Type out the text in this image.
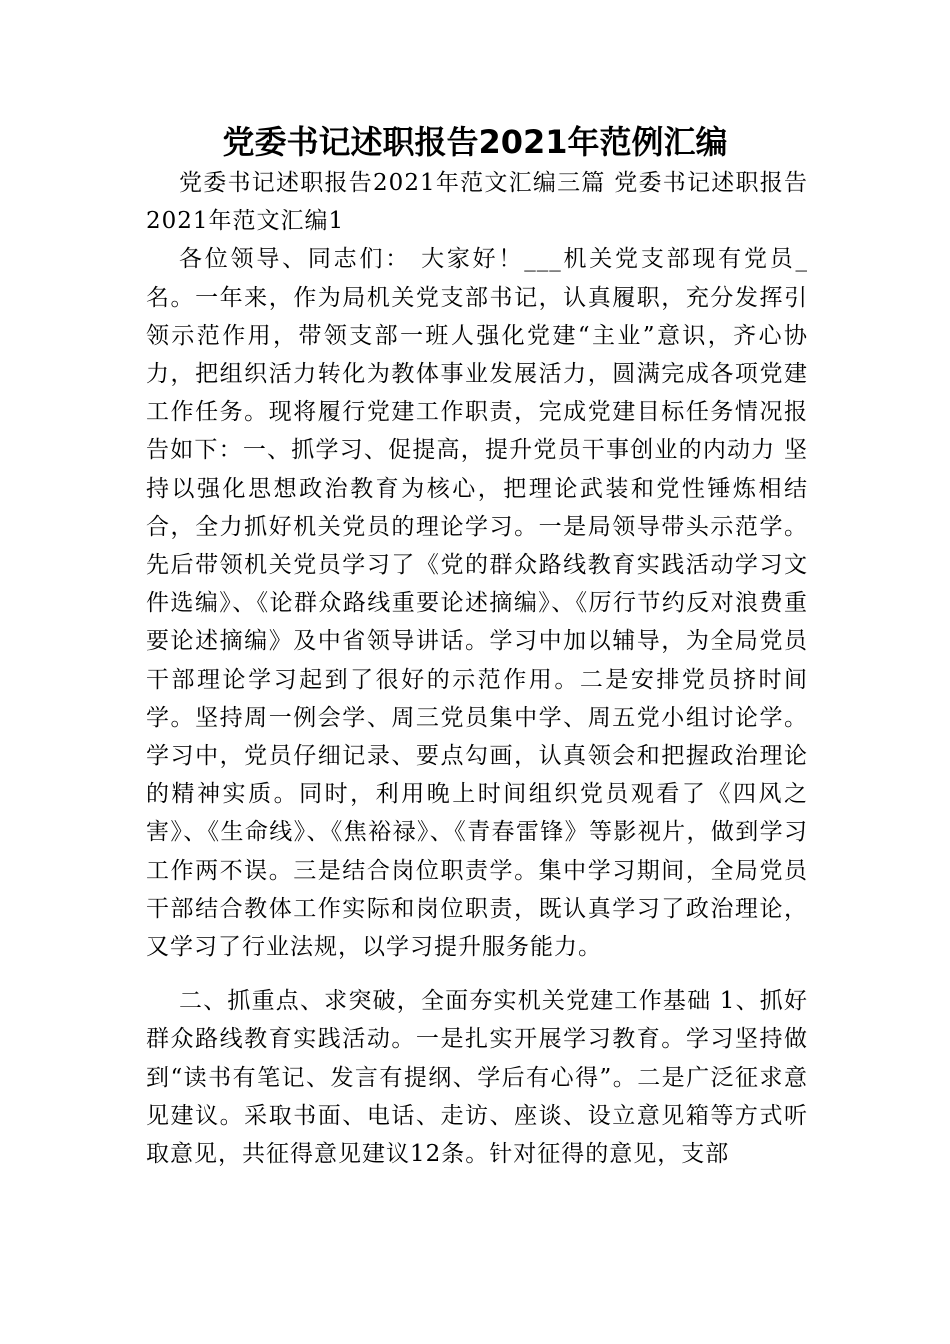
党委书记述职报告2021年范例汇编

党委书记述职报告2021年范文汇编三篇 党委书记述职报告2021年范文汇编1

各位领导、同志们： 大家好！___机关党支部现有党员_名。一年来，作为局机关党支部书记，认真履职，充分发挥引领示范作用，带领支部一班人强化党建“主业”意识，齐心协力，把组织活力转化为教体事业发展活力，圆满完成各项党建工作任务。现将履行党建工作职责，完成党建目标任务情况报告如下：一、抓学习、促提高，提升党员干事创业的内动力 坚持以强化思想政治教育为核心，把理论武装和党性锤炼相结合，全力抓好机关党员的理论学习。一是局领导带头示范学。先后带领机关党员学习了《党的群众路线教育实践活动学习文件选编》、《论群众路线重要论述摘编》、《厉行节约反对浪费重要论述摘编》及中省领导讲话。学习中加以辅导，为全局党员干部理论学习起到了很好的示范作用。二是安排党员挤时间学。坚持周一例会学、周三党员集中学、周五党小组讨论学。学习中，党员仔细记录、要点勾画，认真领会和把握政治理论的精神实质。同时，利用晚上时间组织党员观看了《四风之害》、《生命线》、《焦裕禄》、《青春雷锋》等影视片，做到学习工作两不误。三是结合岗位职责学。集中学习期间，全局党员干部结合教体工作实际和岗位职责，既认真学习了政治理论，又学习了行业法规，以学习提升服务能力。

二、抓重点、求突破，全面夯实机关党建工作基础 1、抓好群众路线教育实践活动。一是扎实开展学习教育。学习坚持做到“读书有笔记、发言有提纲、学后有心得”。二是广泛征求意见建议。采取书面、电话、走访、座谈、设立意见箱等方式听取意见，共征得意见建议12条。针对征得的意见，支部
